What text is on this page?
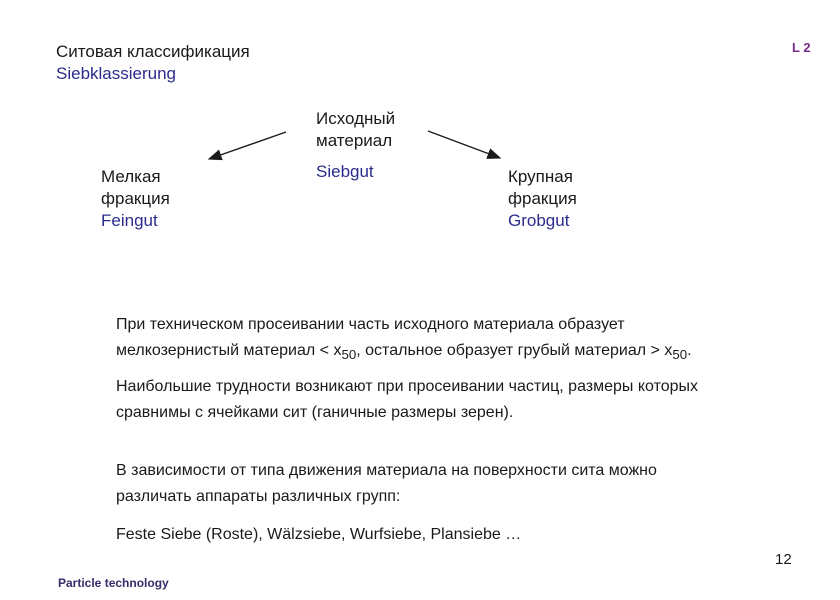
Ситовая классификация
Siebklassierung
L 2
Исходный
материал
Siebgut
Мелкая
фракция
Feingut
Крупная
фракция
Grobgut
При техническом просеивании часть исходного материала образует
мелкозернистый материал < $x_{50}$, остальное образует грубый материал > $x_{50}$.
Наибольшие трудности возникают при просеивании частиц, размеры которых
сравнимы с ячейками сит (ганичные размеры зерен).
В зависимости от типа движения материала на поверхности сита можно
различать аппараты различных групп:
Feste Siebe (Roste), Wälzsiebe, Wurfsiebe, Plansiebe …
12
Particle technology
